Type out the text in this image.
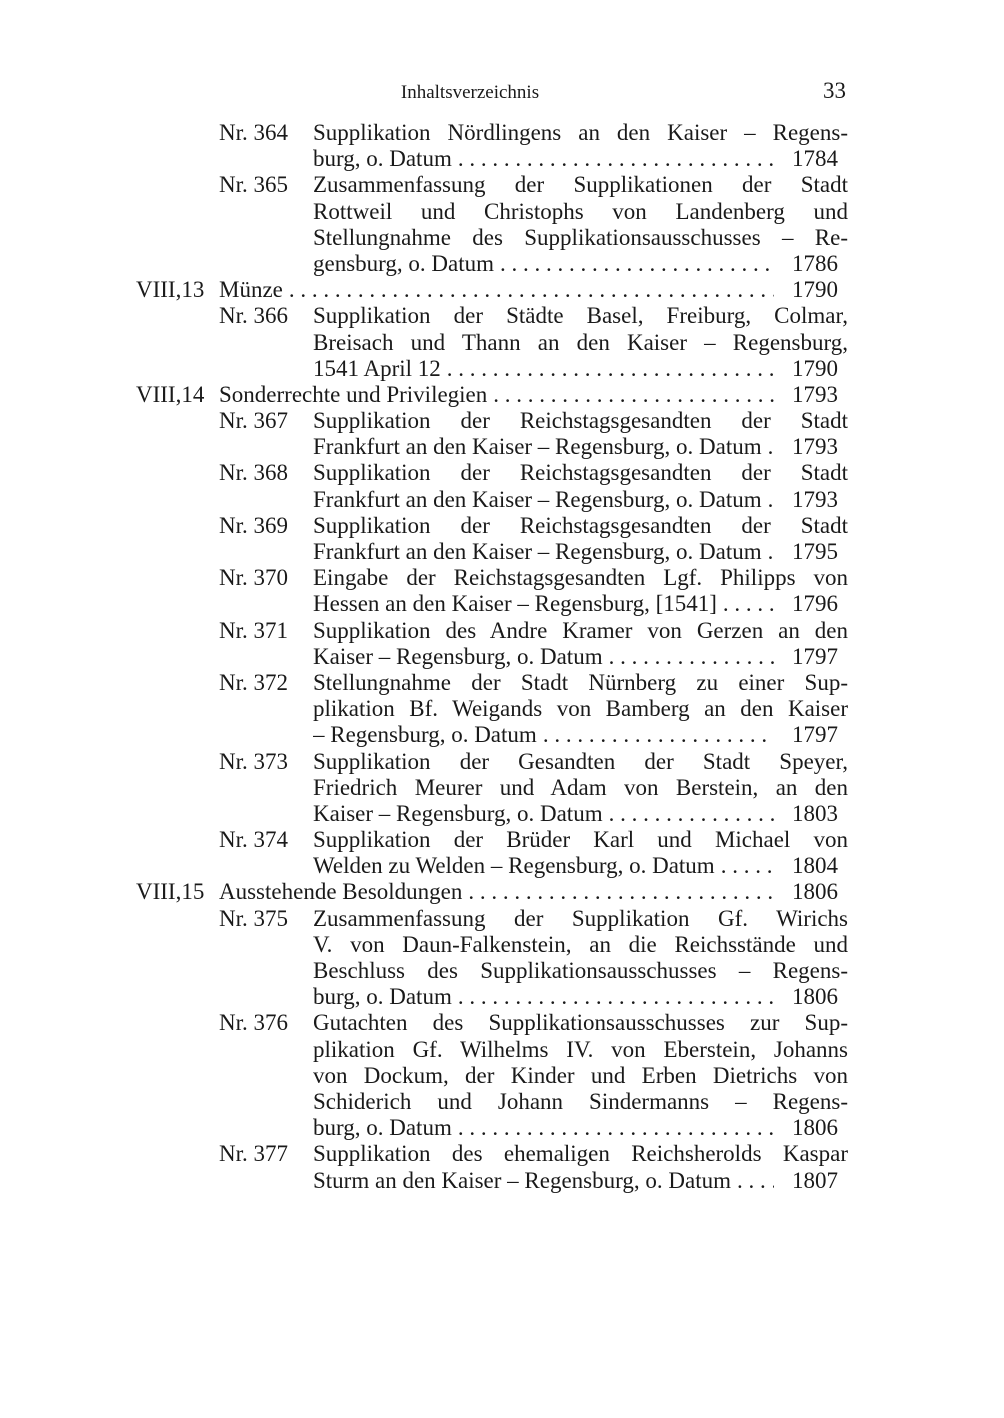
Inhaltsverzeichnis	33
Nr. 364 Supplikation Nördlingens an den Kaiser – Regens-
burg, o. Datum . . .	1784
Nr. 365 Zusammenfassung der Supplikationen der Stadt
Rottweil und Christophs von Landenberg und
Stellungnahme des Supplikationsausschusses – Re-
gensburg, o. Datum . . .	1786
VIII,13 Münze . . .	1790
Nr. 366 Supplikation der Städte Basel, Freiburg, Colmar,
Breisach und Thann an den Kaiser – Regensburg,
1541 April 12 . . .	1790
VIII,14 Sonderrechte und Privilegien . . .	1793
Nr. 367 Supplikation der Reichstagsgesandten der Stadt
Frankfurt an den Kaiser – Regensburg, o. Datum . . . 1793
Nr. 368 Supplikation der Reichstagsgesandten der Stadt
Frankfurt an den Kaiser – Regensburg, o. Datum . . . 1793
Nr. 369 Supplikation der Reichstagsgesandten der Stadt
Frankfurt an den Kaiser – Regensburg, o. Datum . . . 1795
Nr. 370 Eingabe der Reichstagsgesandten Lgf. Philipps von
Hessen an den Kaiser – Regensburg, [1541] . . .	1796
Nr. 371 Supplikation des Andre Kramer von Gerzen an den
Kaiser – Regensburg, o. Datum . . .	1797
Nr. 372 Stellungnahme der Stadt Nürnberg zu einer Sup-
plikation Bf. Weigands von Bamberg an den Kaiser
– Regensburg, o. Datum . . .	1797
Nr. 373 Supplikation der Gesandten der Stadt Speyer,
Friedrich Meurer und Adam von Berstein, an den
Kaiser – Regensburg, o. Datum . . .	1803
Nr. 374 Supplikation der Brüder Karl und Michael von
Welden zu Welden – Regensburg, o. Datum . . .	1804
VIII,15 Ausstehende Besoldungen . . .	1806
Nr. 375 Zusammenfassung der Supplikation Gf. Wirichs
V. von Daun-Falkenstein, an die Reichsstände und
Beschluss des Supplikationsausschusses – Regens-
burg, o. Datum . . .	1806
Nr. 376 Gutachten des Supplikationsausschusses zur Sup-
plikation Gf. Wilhelms IV. von Eberstein, Johanns
von Dockum, der Kinder und Erben Dietrichs von
Schiderich und Johann Sindermanns – Regens-
burg, o. Datum . . .	1806
Nr. 377 Supplikation des ehemaligen Reichsherolds Kaspar
Sturm an den Kaiser – Regensburg, o. Datum . . .	1807
